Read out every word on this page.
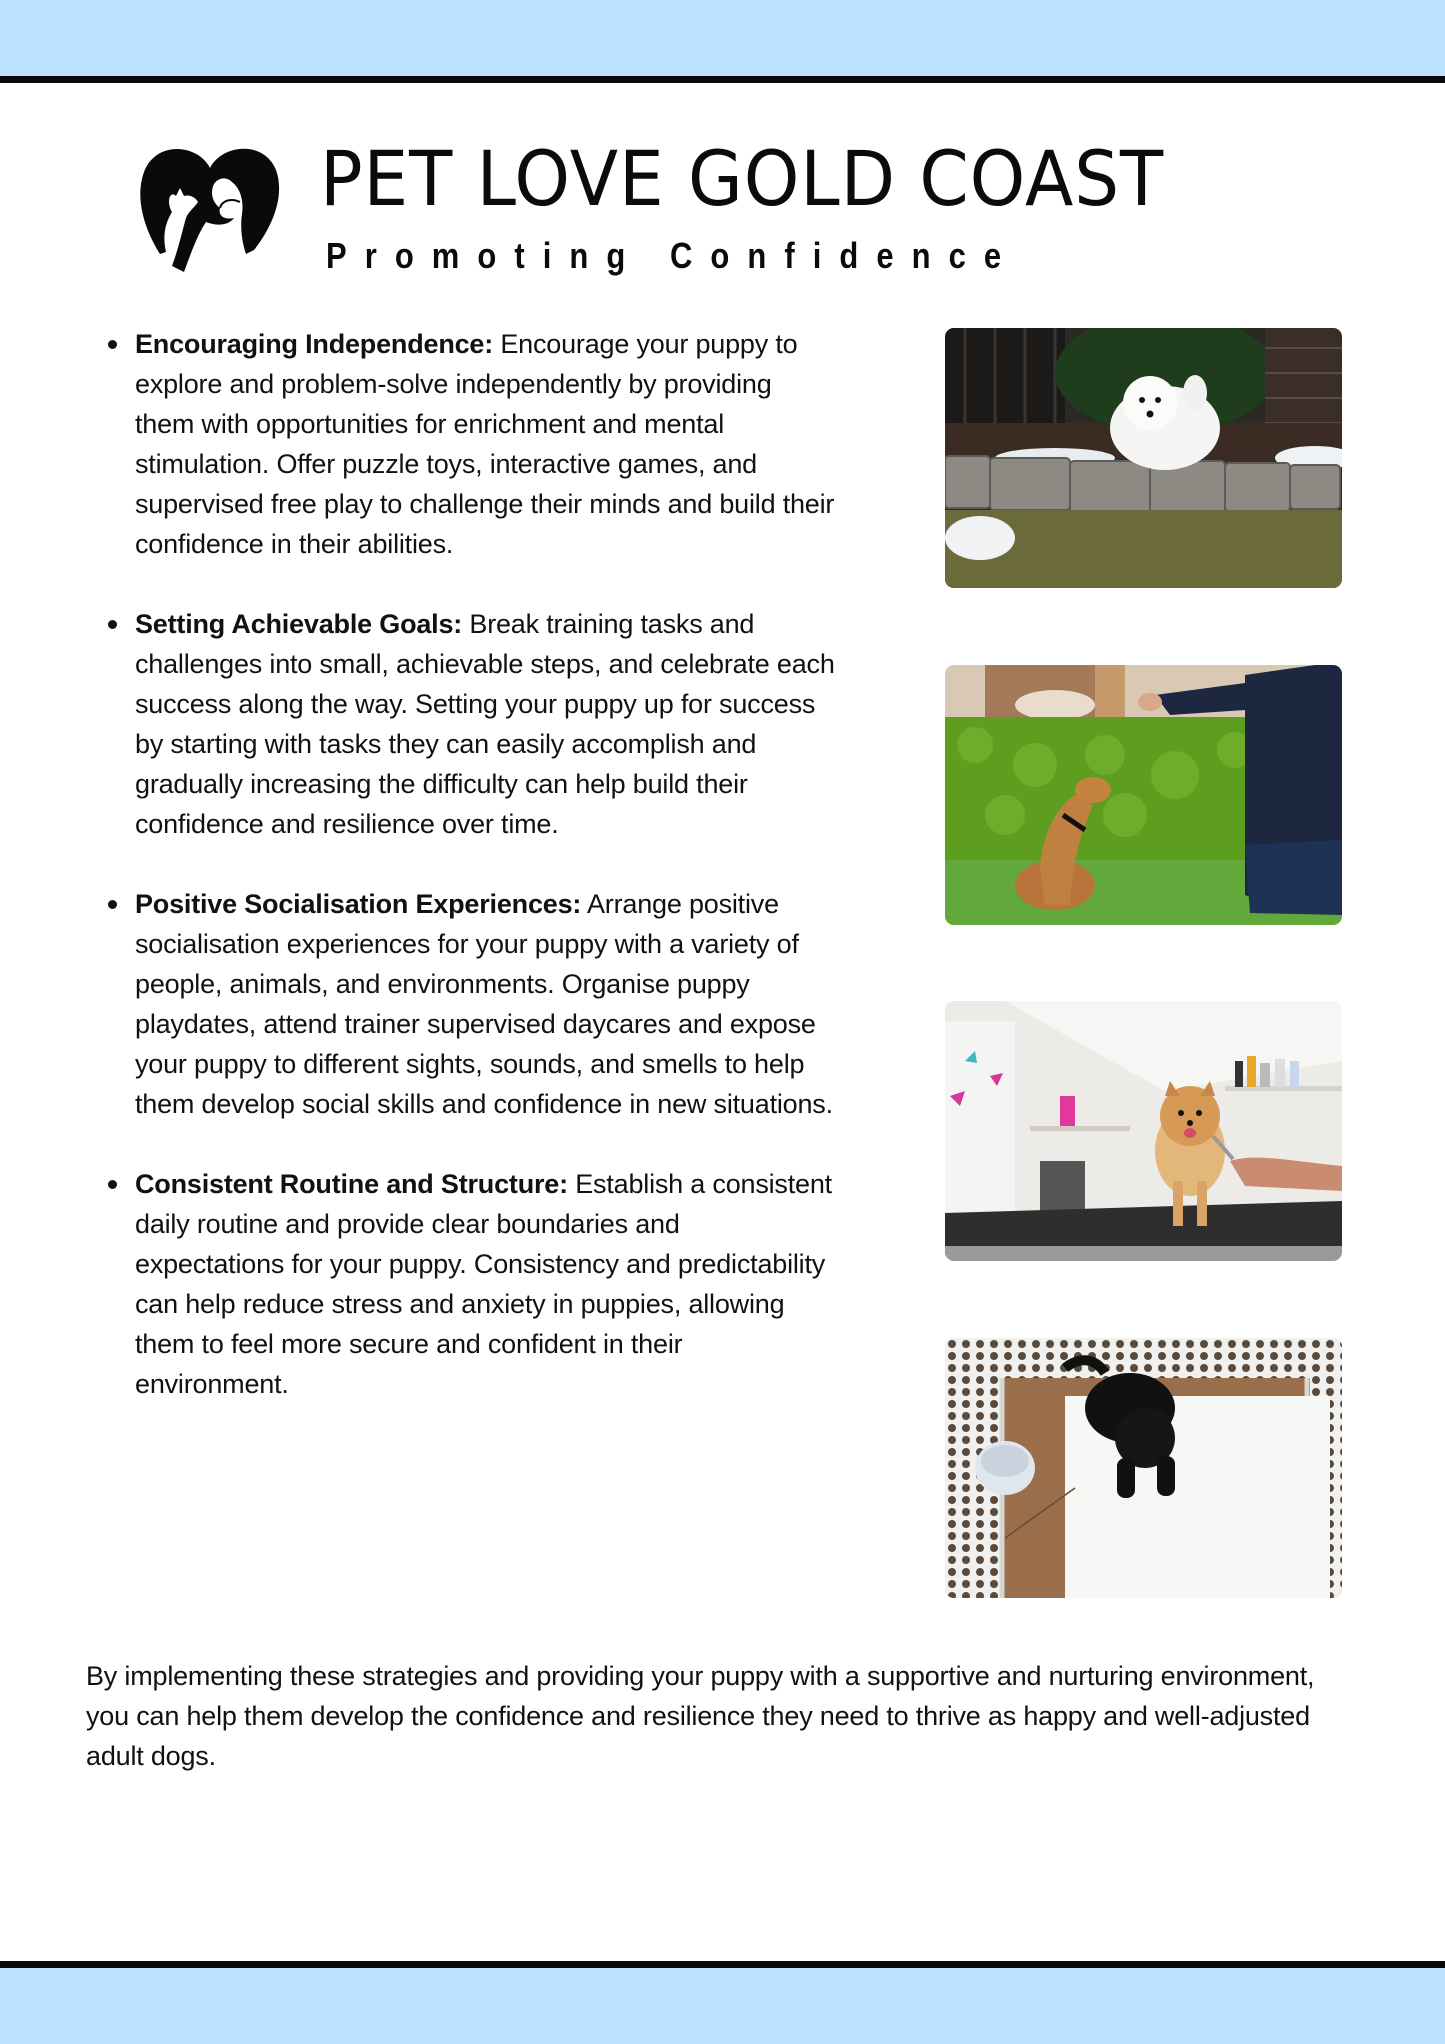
PET LOVE GOLD COAST

Promoting Confidence

Encouraging Independence: Encourage your puppy to explore and problem-solve independently by providing them with opportunities for enrichment and mental stimulation. Offer puzzle toys, interactive games, and supervised free play to challenge their minds and build their confidence in their abilities.
Setting Achievable Goals: Break training tasks and challenges into small, achievable steps, and celebrate each success along the way. Setting your puppy up for success by starting with tasks they can easily accomplish and gradually increasing the difficulty can help build their confidence and resilience over time.
Positive Socialisation Experiences: Arrange positive socialisation experiences for your puppy with a variety of people, animals, and environments. Organise puppy playdates, attend trainer supervised daycares and expose your puppy to different sights, sounds, and smells to help them develop social skills and confidence in new situations.
Consistent Routine and Structure: Establish a consistent daily routine and provide clear boundaries and expectations for your puppy. Consistency and predictability can help reduce stress and anxiety in puppies, allowing them to feel more secure and confident in their environment.

By implementing these strategies and providing your puppy with a supportive and nurturing environment, you can help them develop the confidence and resilience they need to thrive as happy and well-adjusted adult dogs.
